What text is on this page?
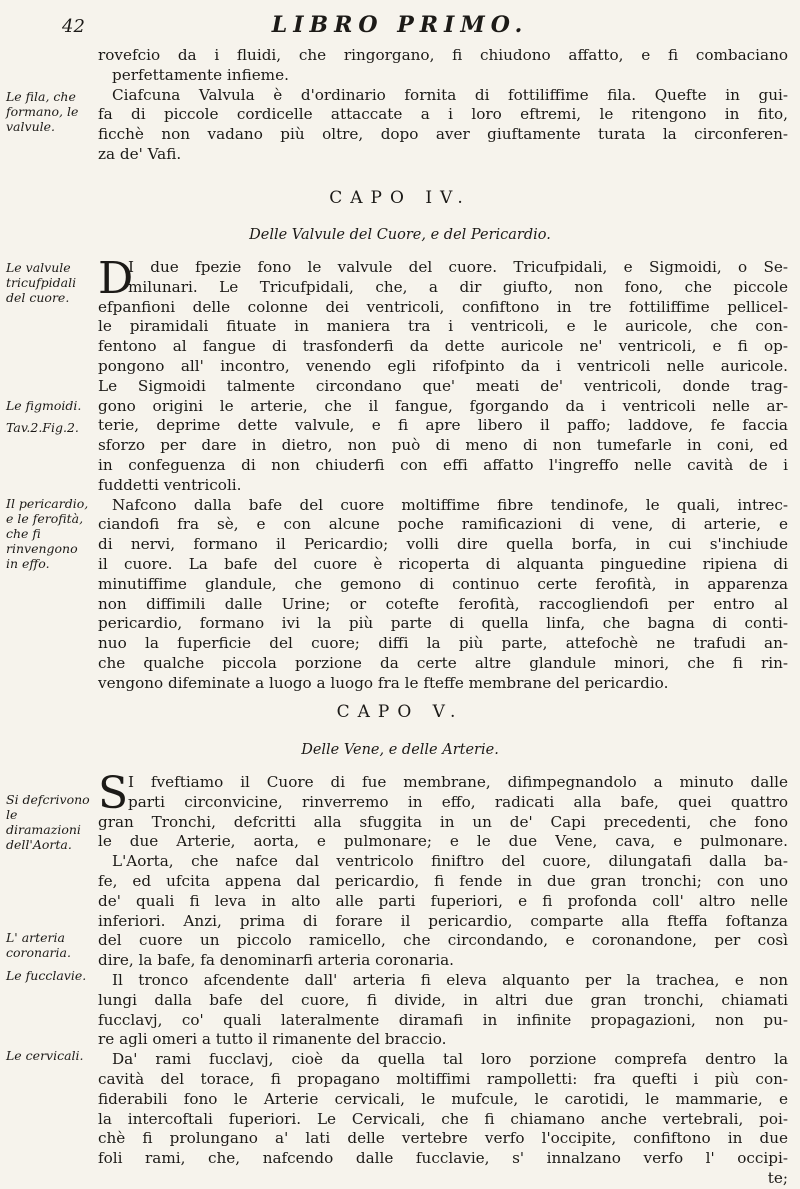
42	LIBRO PRIMO.
rovefcio da i fluidi, che ringorgano, fi chiudono affatto, e fi combaciano
perfettamente infieme.
Ciafcuna Valvula è d'ordinario fornita di fottiliffime fila. Quefte in gui-
fa di piccole cordicelle attaccate a i loro eftremi, le ritengono in fito,
ficchè non vadano più oltre, dopo aver giuftamente turata la circonferen-
za de' Vafi.
Le fila, che formano, le valvule.
CAPO IV.
Delle Valvule del Cuore, e del Pericardio.
D
I due fpezie fono le valvule del cuore. Tricufpidali, e Sigmoidi, o Se-
milunari. Le Tricufpidali, che, a dir giufto, non fono, che piccole
efpanfioni delle colonne dei ventricoli, confiftono in tre fottiliffime pellicel-
le piramidali fituate in maniera tra i ventricoli, e le auricole, che con-
fentono al fangue di trasfonderfi da dette auricole ne' ventricoli, e fi op-
pongono all' incontro, venendo egli rifofpinto da i ventricoli nelle auricole.
Le Sigmoidi talmente circondano que' meati de' ventricoli, donde trag-
gono origini le arterie, che il fangue, fgorgando da i ventricoli nelle ar-
terie, deprime dette valvule, e fi apre libero il paffo; laddove, fe faccia
sforzo per dare in dietro, non può di meno di non tumefarle in coni, ed
in confeguenza di non chiuderfi con effi affatto l'ingreffo nelle cavità de i
fuddetti ventricoli.
Nafcono dalla bafe del cuore moltiffime fibre tendinofe, le quali, intrec-
ciandofi fra sè, e con alcune poche ramificazioni di vene, di arterie, e
di nervi, formano il Pericardio; volli dire quella borfa, in cui s'inchiude
il cuore. La bafe del cuore è ricoperta di alquanta pinguedine ripiena di
minutiffime glandule, che gemono di continuo certe ferofità, in apparenza
non diffimili dalle Urine; or cotefte ferofità, raccogliendofi per entro al
pericardio, formano ivi la più parte di quella linfa, che bagna di conti-
nuo la fuperficie del cuore; diffi la più parte, attefochè ne trafudi an-
che qualche piccola porzione da certe altre glandule minori, che fi rin-
vengono difeminate a luogo a luogo fra le fteffe membrane del pericardio.
Le valvule tricufpidali del cuore.
Le figmoidi.
Tav.2.Fig.2.
Il pericardio, e le ferofità, che fi rinvengono in effo.
CAPO V.
Delle Vene, e delle Arterie.
S I fveftiamo il Cuore di fue membrane, difimpegnandolo a minuto dalle
parti circonvicine, rinverremo in effo, radicati alla bafe, quei quattro
gran Tronchi, defcritti alla sfuggita in un de' Capi precedenti, che fono
le due Arterie, aorta, e pulmonare; e le due Vene, cava, e pulmonare.
L'Aorta, che nafce dal ventricolo finiftro del cuore, dilungatafi dalla ba-
fe, ed ufcita appena dal pericardio, fi fende in due gran tronchi; con uno
de' quali fi leva in alto alle parti fuperiori, e fi profonda coll' altro nelle
inferiori. Anzi, prima di forare il pericardio, comparte alla fteffa foftanza
del cuore un piccolo ramicello, che circondando, e coronandone, per così
dire, la bafe, fa denominarfi arteria coronaria.
Il tronco afcendente dall' arteria fi eleva alquanto per la trachea, e non
lungi dalla bafe del cuore, fi divide, in altri due gran tronchi, chiamati
fucclavj, co' quali lateralmente diramafi in infinite propagazioni, non pu-
re agli omeri a tutto il rimanente del braccio.
Da' rami fucclavj, cioè da quella tal loro porzione comprefa dentro la
cavità del torace, fi propagano moltiffimi rampolletti: fra quefti i più con-
fiderabili fono le Arterie cervicali, le mufcule, le carotidi, le mammarie, e
la intercoftali fuperiori. Le Cervicali, che fi chiamano anche vertebrali, poi-
chè fi prolungano a' lati delle vertebre verfo l'occipite, confiftono in due
foli rami, che, nafcendo dalle fucclavie, s' innalzano verfo l' occipi-
te;
Si defcrivono le diramazioni dell'Aorta.
L' arteria coronaria.
Le fucclavie.
Le cervicali.
